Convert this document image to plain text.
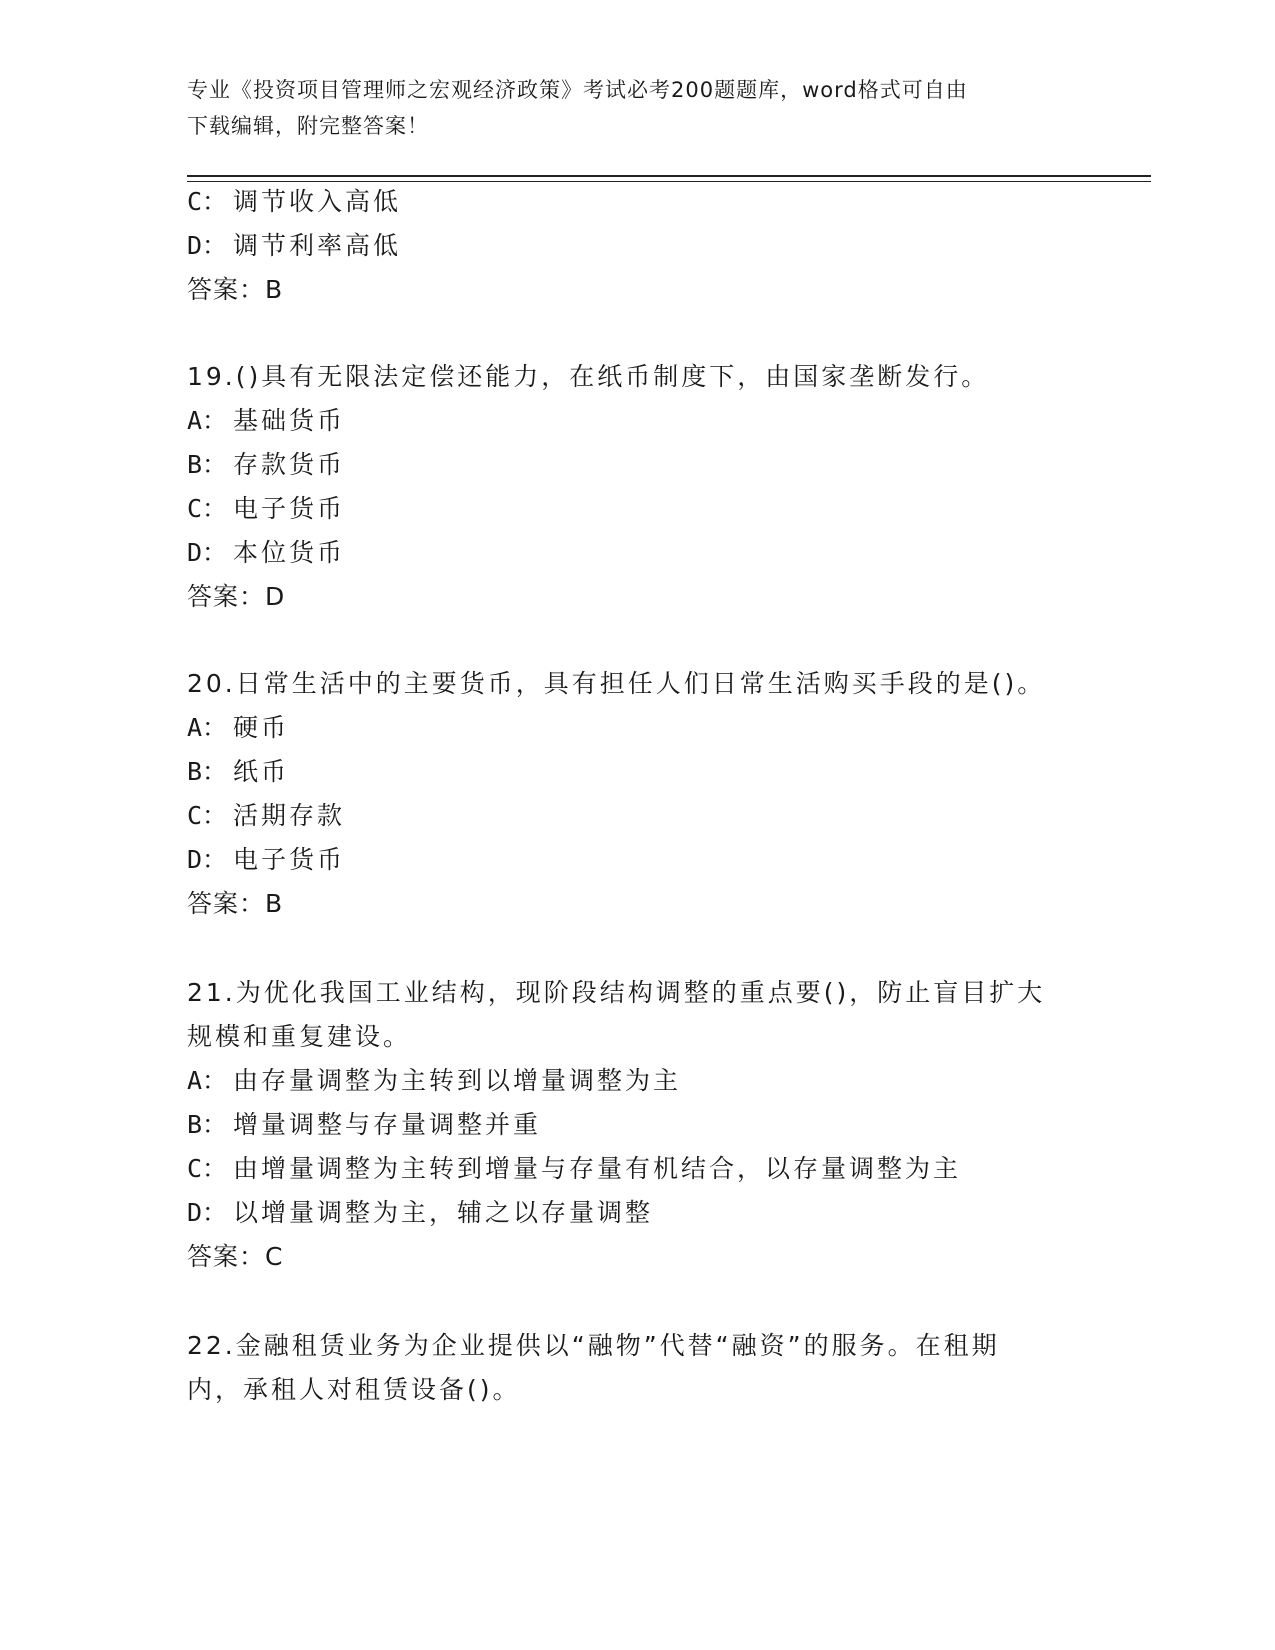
专业《投资项目管理师之宏观经济政策》考试必考200题题库，word格式可自由
下载编辑，附完整答案！
C： 调节收入高低
D： 调节利率高低
答案：B
19.()具有无限法定偿还能力，在纸币制度下，由国家垄断发行。
A： 基础货币
B： 存款货币
C： 电子货币
D： 本位货币
答案：D
20.日常生活中的主要货币，具有担任人们日常生活购买手段的是()。
A： 硬币
B： 纸币
C： 活期存款
D： 电子货币
答案：B
21.为优化我国工业结构，现阶段结构调整的重点要()，防止盲目扩大
规模和重复建设。
A： 由存量调整为主转到以增量调整为主
B： 增量调整与存量调整并重
C： 由增量调整为主转到增量与存量有机结合，以存量调整为主
D： 以增量调整为主，辅之以存量调整
答案：C
22.金融租赁业务为企业提供以“融物”代替“融资”的服务。在租期
内，承租人对租赁设备()。
